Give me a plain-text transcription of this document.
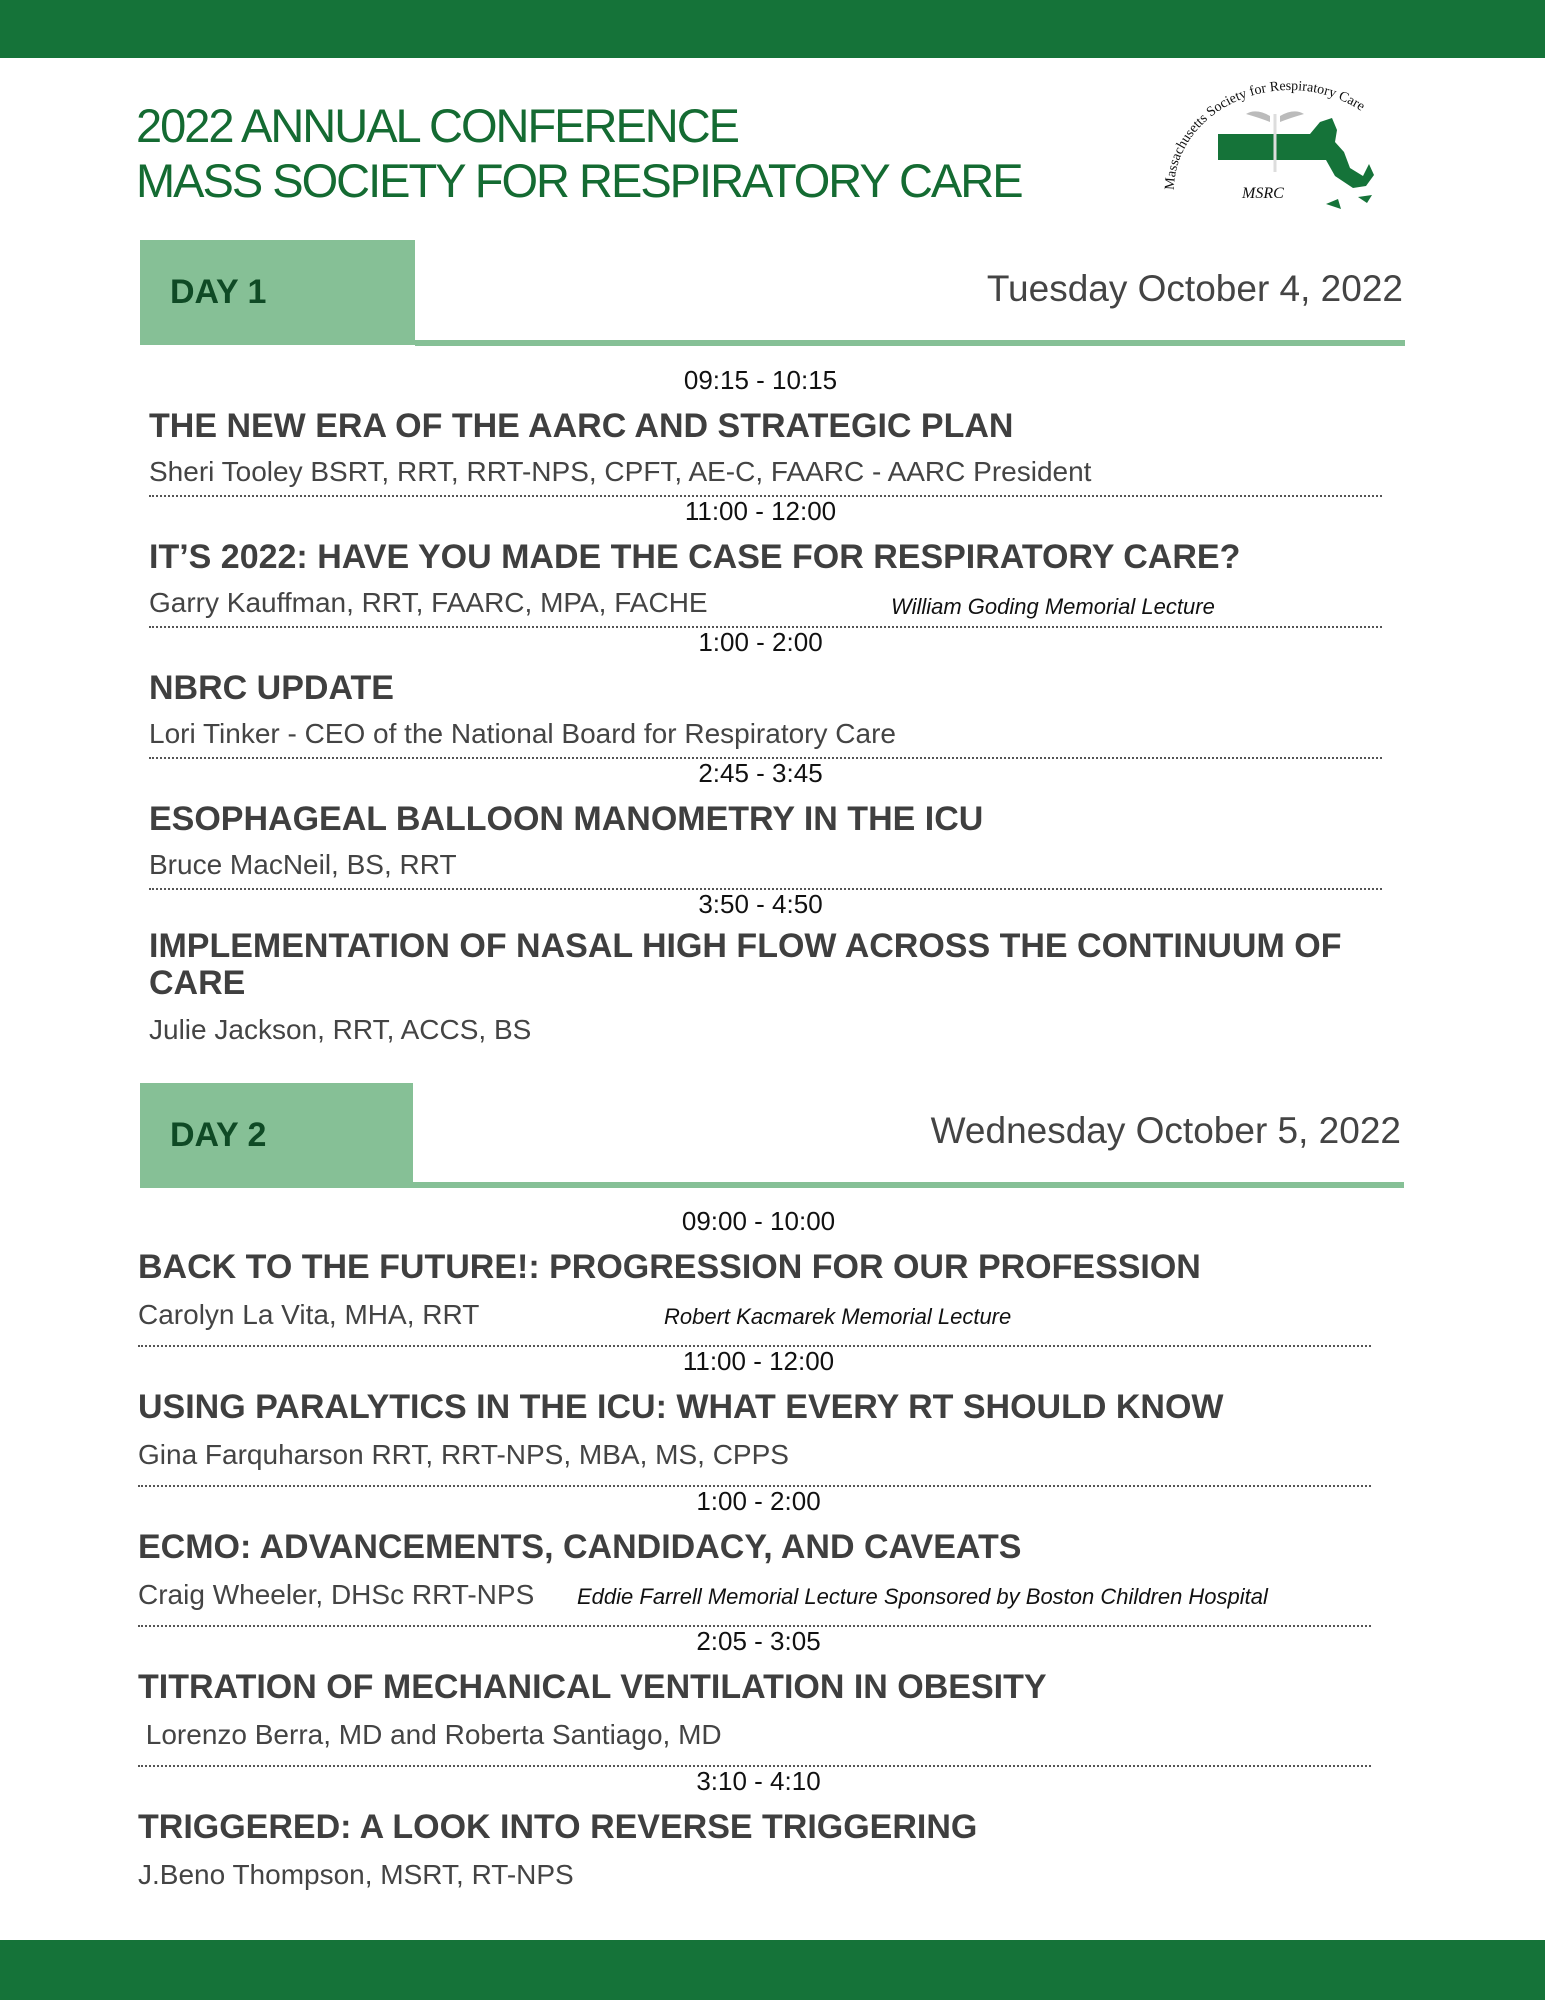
2022 ANNUAL CONFERENCE
MASS SOCIETY FOR RESPIRATORY CARE	Massachusetts Society for Respiratory Care
MSRC
DAY 1	Tuesday October 4, 2022
09:15 - 10:15
THE NEW ERA OF THE AARC AND STRATEGIC PLAN
Sheri Tooley BSRT, RRT, RRT-NPS, CPFT, AE-C, FAARC - AARC President
11:00 - 12:00
IT’S 2022: HAVE YOU MADE THE CASE FOR RESPIRATORY CARE?
Garry Kauffman, RRT, FAARC, MPA, FACHE	William Goding Memorial Lecture
1:00 - 2:00
NBRC UPDATE
Lori Tinker - CEO of the National Board for Respiratory Care
2:45 - 3:45
ESOPHAGEAL BALLOON MANOMETRY IN THE ICU
Bruce MacNeil, BS, RRT
3:50 - 4:50
IMPLEMENTATION OF NASAL HIGH FLOW ACROSS THE CONTINUUM OF CARE
Julie Jackson, RRT, ACCS, BS
DAY 2	Wednesday October 5, 2022
09:00 - 10:00
BACK TO THE FUTURE!: PROGRESSION FOR OUR PROFESSION
Carolyn La Vita, MHA, RRT	Robert Kacmarek Memorial Lecture
11:00 - 12:00
USING PARALYTICS IN THE ICU: WHAT EVERY RT SHOULD KNOW
Gina Farquharson RRT, RRT-NPS, MBA, MS, CPPS
1:00 - 2:00
ECMO: ADVANCEMENTS, CANDIDACY, AND CAVEATS
Craig Wheeler, DHSc RRT-NPS Eddie Farrell Memorial Lecture Sponsored by Boston Children Hospital
2:05 - 3:05
TITRATION OF MECHANICAL VENTILATION IN OBESITY
Lorenzo Berra, MD and Roberta Santiago, MD
3:10 - 4:10
TRIGGERED: A LOOK INTO REVERSE TRIGGERING
J.Beno Thompson, MSRT, RT-NPS
